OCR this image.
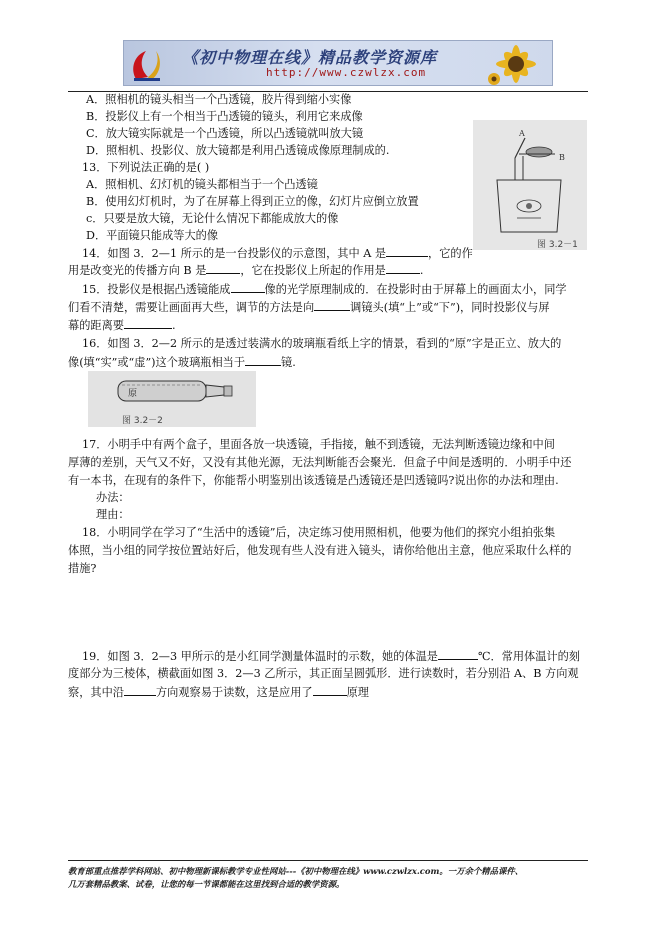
《初中物理在线》精品教学资源库
http://www.czwlzx.com
A．照相机的镜头相当一个凸透镜，胶片得到缩小实像
B．投影仪上有一个相当于凸透镜的镜头，利用它来成像
C．放大镜实际就是一个凸透镜，所以凸透镜就叫放大镜
D．照相机、投影仪、放大镜都是利用凸透镜成像原理制成的.
13．下列说法正确的是( )
A．照相机、幻灯机的镜头都相当于一个凸透镜
B．使用幻灯机时，为了在屏幕上得到正立的像，幻灯片应倒立放置
c．只要是放大镜，无论什么情况下都能成放大的像
D．平面镜只能成等大的像
A
B
图 3.2－1
14．如图 3．2—1 所示的是一台投影仪的示意图，其中 A 是	，它的作
用是改变光的传播方向 B 是	，它在投影仪上所起的作用是	.
15．投影仪是根据凸透镜能成	像的光学原理制成的．在投影时由于屏幕上的画面太小，同学
们看不清楚，需要让画面再大些，调节的方法是向	调镜头(填“上”或“下”)，同时投影仪与屏
幕的距离要	.
16．如图 3．2—2 所示的是透过装满水的玻璃瓶看纸上字的情景，看到的“原”字是正立、放大的
像(填“实”或“虚”)这个玻璃瓶相当于	镜.
原
图 3.2－2
17．小明手中有两个盒子，里面各放一块透镜，手指接，触不到透镜，无法判断透镜边缘和中间
厚薄的差别，天气又不好，又没有其他光源，无法判断能否会聚光．但盒子中间是透明的．小明手中还
有一本书，在现有的条件下，你能帮小明鉴别出该透镜是凸透镜还是凹透镜吗?说出你的办法和理由.
办法：
理由：
18．小明同学在学习了“生活中的透镜”后，决定练习使用照相机，他要为他们的探究小组拍张集
体照，当小组的同学按位置站好后，他发现有些人没有进入镜头，请你给他出主意，他应采取什么样的
措施?
19．如图 3．2—3 甲所示的是小红同学测量体温时的示数，她的体温是	℃．常用体温计的刻
度部分为三棱体，横截面如图 3．2—3 乙所示，其正面呈圆弧形．进行读数时，若分别沿 A、B 方向观
察，其中沿	方向观察易于读数，这是应用了	原理
教育部重点推荐学科网站、初中物理新课标教学专业性网站---《初中物理在线》www.czwlzx.com。一万余个精品课件、
几万套精品教案、试卷，让您的每一节课都能在这里找到合适的教学资源。
